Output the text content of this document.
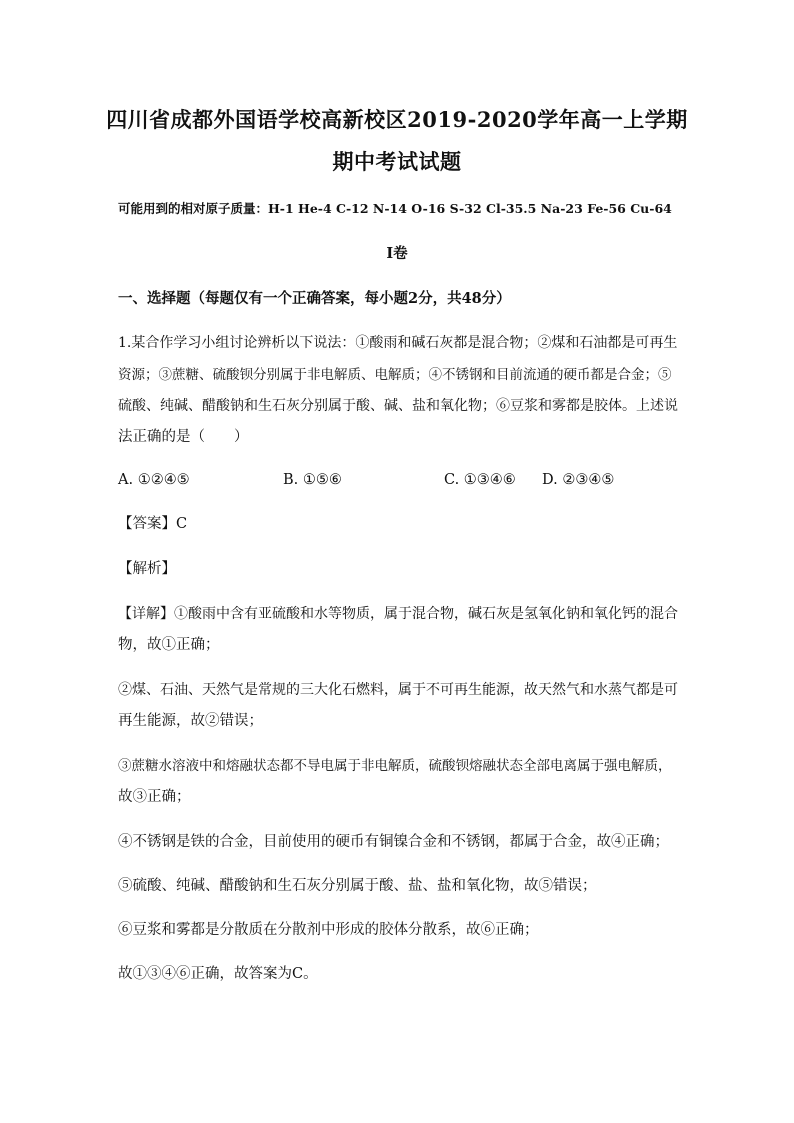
四川省成都外国语学校高新校区2019-2020学年高一上学期
期中考试试题
可能用到的相对原子质量：H-1 He-4 C-12 N-14 O-16 S-32 Cl-35.5 Na-23 Fe-56 Cu-64
I卷
一、选择题（每题仅有一个正确答案，每小题2分，共48分）
1.某合作学习小组讨论辨析以下说法：①酸雨和碱石灰都是混合物；②煤和石油都是可再生
资源；③蔗糖、硫酸钡分别属于非电解质、电解质；④不锈钢和目前流通的硬币都是合金；⑤
硫酸、纯碱、醋酸钠和生石灰分别属于酸、碱、盐和氧化物；⑥豆浆和雾都是胶体。上述说
法正确的是（　　）
A. ①②④⑤	B. ①⑤⑥	C. ①③④⑥ D. ②③④⑤
【答案】C
【解析】
【详解】①酸雨中含有亚硫酸和水等物质，属于混合物，碱石灰是氢氧化钠和氧化钙的混合
物，故①正确；
②煤、石油、天然气是常规的三大化石燃料，属于不可再生能源，故天然气和水蒸气都是可
再生能源，故②错误；
③蔗糖水溶液中和熔融状态都不导电属于非电解质，硫酸钡熔融状态全部电离属于强电解质，
故③正确；
④不锈钢是铁的合金，目前使用的硬币有铜镍合金和不锈钢，都属于合金，故④正确；
⑤硫酸、纯碱、醋酸钠和生石灰分别属于酸、盐、盐和氧化物，故⑤错误；
⑥豆浆和雾都是分散质在分散剂中形成的胶体分散系，故⑥正确；
故①③④⑥正确，故答案为C。
